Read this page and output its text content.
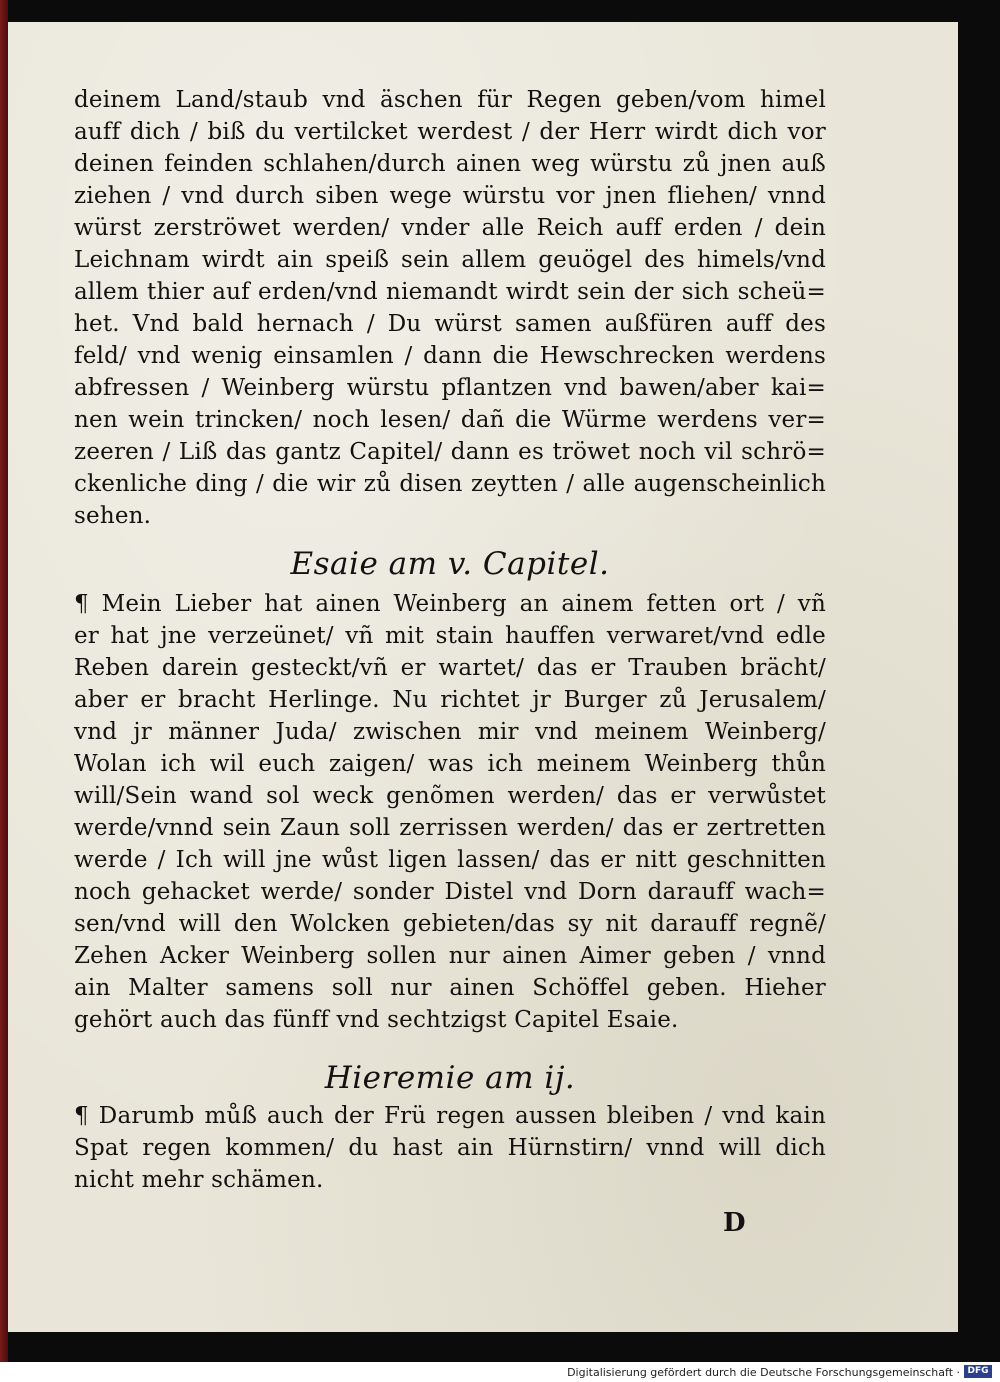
deinem Land/staub vnd äschen für Regen geben/vom himel
auff dich / biß du vertilcket werdest / der Herr wirdt dich vor
deinen feinden schlahen/durch ainen weg würstu zů jnen auß
ziehen / vnd durch siben wege würstu vor jnen fliehen/ vnnd
würst zerströwet werden/ vnder alle Reich auff erden / dein
Leichnam wirdt ain speiß sein allem geuögel des himels/vnd
allem thier auf erden/vnd niemandt wirdt sein der sich scheü=
het. Vnd bald hernach / Du würst samen außfüren auff des
feld/ vnd wenig einsamlen / dann die Hewschrecken werdens
abfressen / Weinberg würstu pflantzen vnd bawen/aber kai=
nen wein trincken/ noch lesen/ dañ die Würme werdens ver=
zeeren / Liß das gantz Capitel/ dann es tröwet noch vil schrö=
ckenliche ding / die wir zů disen zeytten / alle augenscheinlich
sehen.
Esaie am v. Capitel.
¶ Mein Lieber hat ainen Weinberg an ainem fetten ort / vñ
er hat jne verzeünet/ vñ mit stain hauffen verwaret/vnd edle
Reben darein gesteckt/vñ er wartet/ das er Trauben brächt/
aber er bracht Herlinge. Nu richtet jr Burger zů Jerusalem/
vnd jr männer Juda/ zwischen mir vnd meinem Weinberg/
Wolan ich wil euch zaigen/ was ich meinem Weinberg thůn
will/Sein wand sol weck genõmen werden/ das er verwůstet
werde/vnnd sein Zaun soll zerrissen werden/ das er zertretten
werde / Ich will jne wůst ligen lassen/ das er nitt geschnitten
noch gehacket werde/ sonder Distel vnd Dorn darauff wach=
sen/vnd will den Wolcken gebieten/das sy nit darauff regnẽ/
Zehen Acker Weinberg sollen nur ainen Aimer geben / vnnd
ain Malter samens soll nur ainen Schöffel geben. Hieher
gehört auch das fünff vnd sechtzigst Capitel Esaie.
Hieremie am ij.
¶ Darumb můß auch der Frü regen aussen bleiben / vnd kain
Spat regen kommen/ du hast ain Hürnstirn/ vnnd will dich
nicht mehr schämen.
D
Digitalisierung gefördert durch die Deutsche Forschungsgemeinschaft · DFG
